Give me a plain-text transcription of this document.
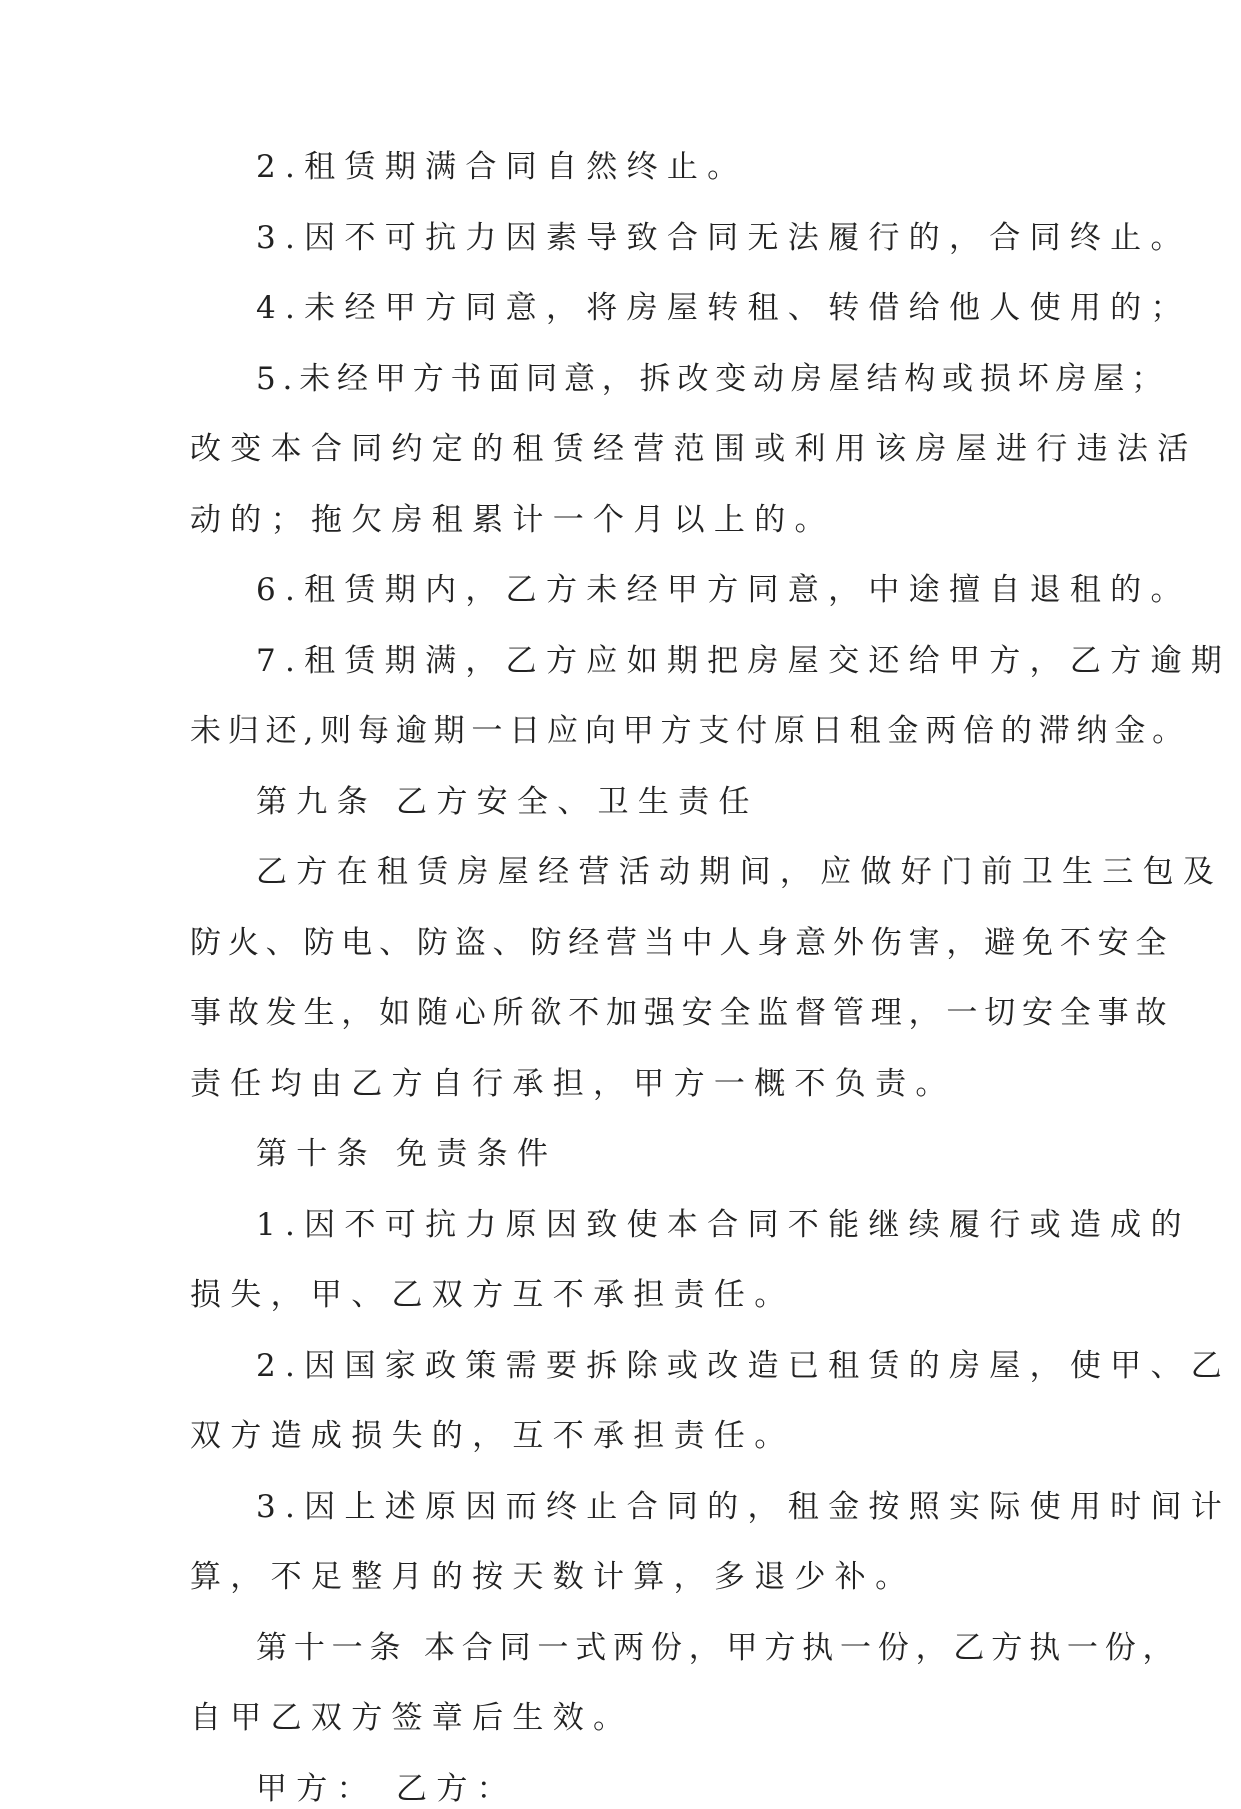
2.租赁期满合同自然终止。

3.因不可抗力因素导致合同无法履行的，合同终止。

4.未经甲方同意，将房屋转租、转借给他人使用的；

5.未经甲方书面同意，拆改变动房屋结构或损坏房屋；

改变本合同约定的租赁经营范围或利用该房屋进行违法活

动的；拖欠房租累计一个月以上的。

6.租赁期内，乙方未经甲方同意，中途擅自退租的。

7.租赁期满，乙方应如期把房屋交还给甲方，乙方逾期

未归还,则每逾期一日应向甲方支付原日租金两倍的滞纳金。

第九条 乙方安全、卫生责任

乙方在租赁房屋经营活动期间，应做好门前卫生三包及

防火、防电、防盗、防经营当中人身意外伤害，避免不安全

事故发生，如随心所欲不加强安全监督管理，一切安全事故

责任均由乙方自行承担，甲方一概不负责。

第十条 免责条件

1.因不可抗力原因致使本合同不能继续履行或造成的

损失，甲、乙双方互不承担责任。

2.因国家政策需要拆除或改造已租赁的房屋，使甲、乙

双方造成损失的，互不承担责任。

3.因上述原因而终止合同的，租金按照实际使用时间计

算，不足整月的按天数计算，多退少补。

第十一条 本合同一式两份，甲方执一份，乙方执一份，

自甲乙双方签章后生效。

甲方： 乙方：
